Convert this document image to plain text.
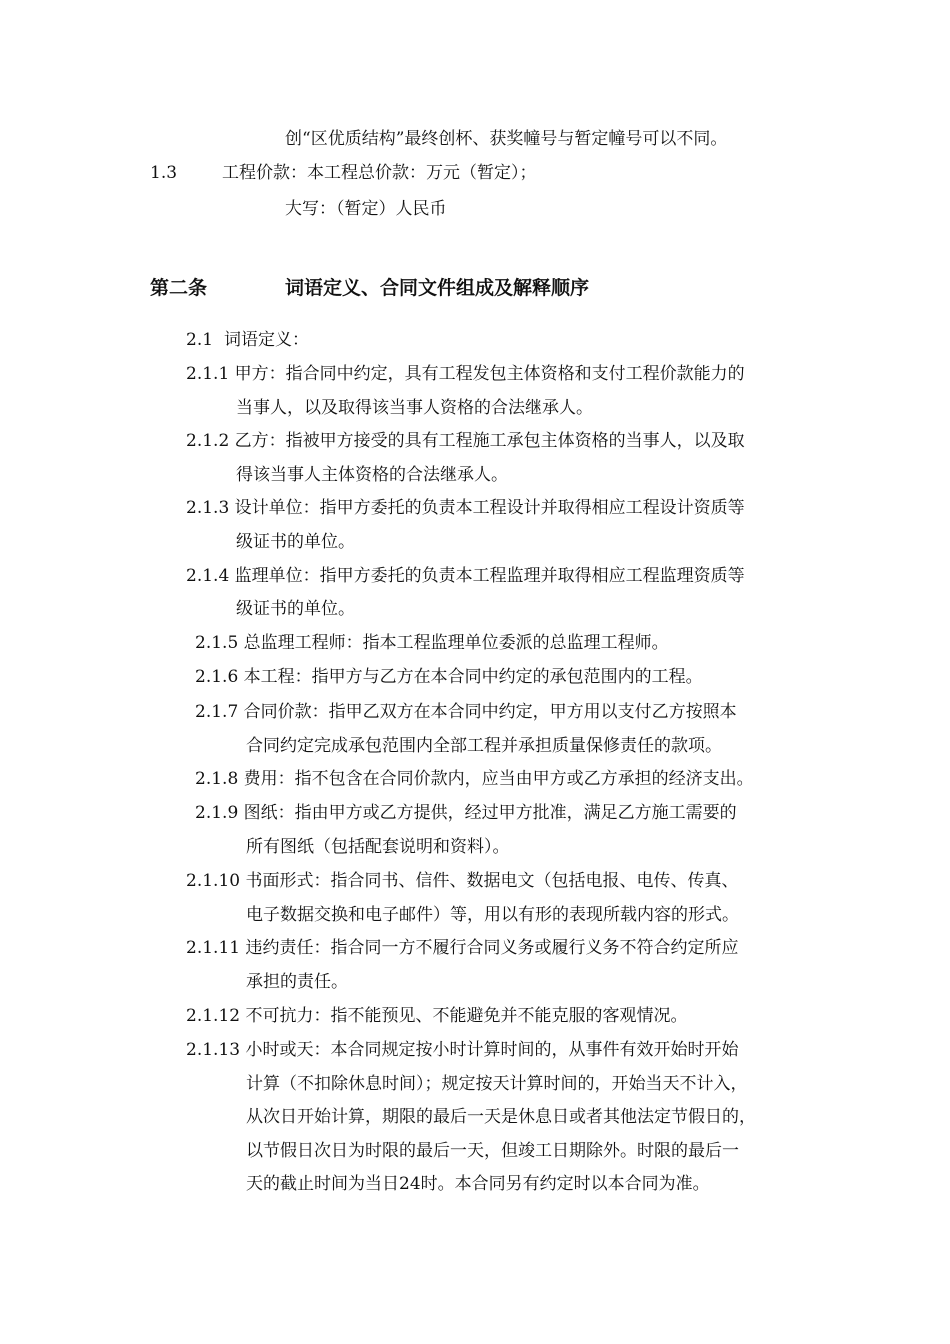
创“区优质结构”最终创杯、获奖幢号与暂定幢号可以不同。
1.3	工程价款：本工程总价款：万元（暂定）；
大写：（暂定）人民币
第二条	词语定义、合同文件组成及解释顺序
2.1 词语定义：
2.1.1 甲方：指合同中约定，具有工程发包主体资格和支付工程价款能力的
当事人，以及取得该当事人资格的合法继承人。
2.1.2 乙方：指被甲方接受的具有工程施工承包主体资格的当事人，以及取
得该当事人主体资格的合法继承人。
2.1.3 设计单位：指甲方委托的负责本工程设计并取得相应工程设计资质等
级证书的单位。
2.1.4 监理单位：指甲方委托的负责本工程监理并取得相应工程监理资质等
级证书的单位。
2.1.5 总监理工程师：指本工程监理单位委派的总监理工程师。
2.1.6 本工程：指甲方与乙方在本合同中约定的承包范围内的工程。
2.1.7 合同价款：指甲乙双方在本合同中约定，甲方用以支付乙方按照本
合同约定完成承包范围内全部工程并承担质量保修责任的款项。
2.1.8 费用：指不包含在合同价款内，应当由甲方或乙方承担的经济支出。
2.1.9 图纸：指由甲方或乙方提供，经过甲方批准，满足乙方施工需要的
所有图纸（包括配套说明和资料）。
2.1.10 书面形式：指合同书、信件、数据电文（包括电报、电传、传真、
电子数据交换和电子邮件）等，用以有形的表现所载内容的形式。
2.1.11 违约责任：指合同一方不履行合同义务或履行义务不符合约定所应
承担的责任。
2.1.12 不可抗力：指不能预见、不能避免并不能克服的客观情况。
2.1.13 小时或天：本合同规定按小时计算时间的，从事件有效开始时开始
计算（不扣除休息时间）；规定按天计算时间的，开始当天不计入，
从次日开始计算，期限的最后一天是休息日或者其他法定节假日的，
以节假日次日为时限的最后一天，但竣工日期除外。时限的最后一
天的截止时间为当日24时。本合同另有约定时以本合同为准。
